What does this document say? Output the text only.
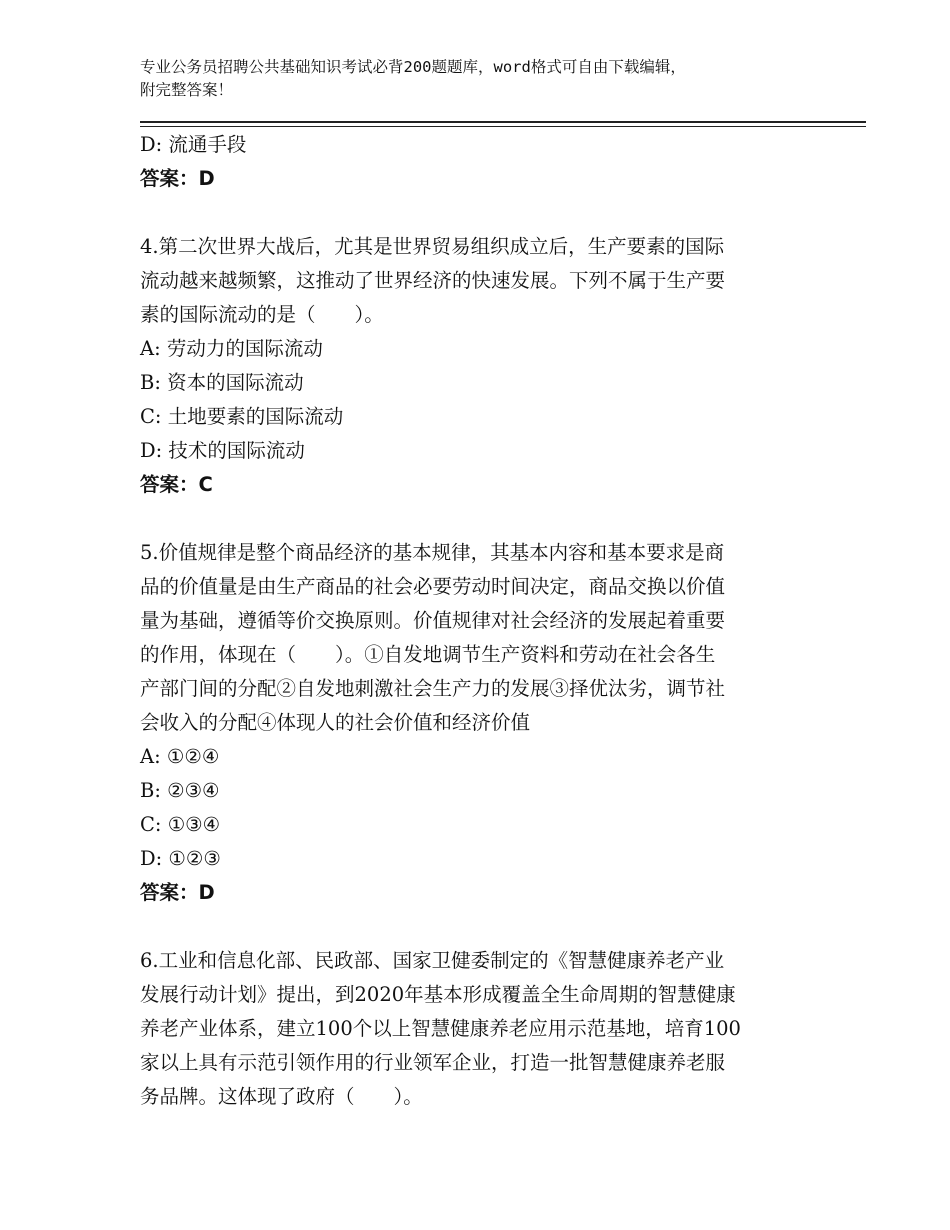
专业公务员招聘公共基础知识考试必背200题题库，word格式可自由下载编辑，
附完整答案！
D: 流通手段
答案：D
4.第二次世界大战后，尤其是世界贸易组织成立后，生产要素的国际
流动越来越频繁，这推动了世界经济的快速发展。下列不属于生产要
素的国际流动的是（　　）。
A: 劳动力的国际流动
B: 资本的国际流动
C: 土地要素的国际流动
D: 技术的国际流动
答案：C
5.价值规律是整个商品经济的基本规律，其基本内容和基本要求是商
品的价值量是由生产商品的社会必要劳动时间决定，商品交换以价值
量为基础，遵循等价交换原则。价值规律对社会经济的发展起着重要
的作用，体现在（　　）。①自发地调节生产资料和劳动在社会各生
产部门间的分配②自发地刺激社会生产力的发展③择优汰劣，调节社
会收入的分配④体现人的社会价值和经济价值
A: ①②④
B: ②③④
C: ①③④
D: ①②③
答案：D
6.工业和信息化部、民政部、国家卫健委制定的《智慧健康养老产业
发展行动计划》提出，到2020年基本形成覆盖全生命周期的智慧健康
养老产业体系，建立100个以上智慧健康养老应用示范基地，培育100
家以上具有示范引领作用的行业领军企业，打造一批智慧健康养老服
务品牌。这体现了政府（　　）。
